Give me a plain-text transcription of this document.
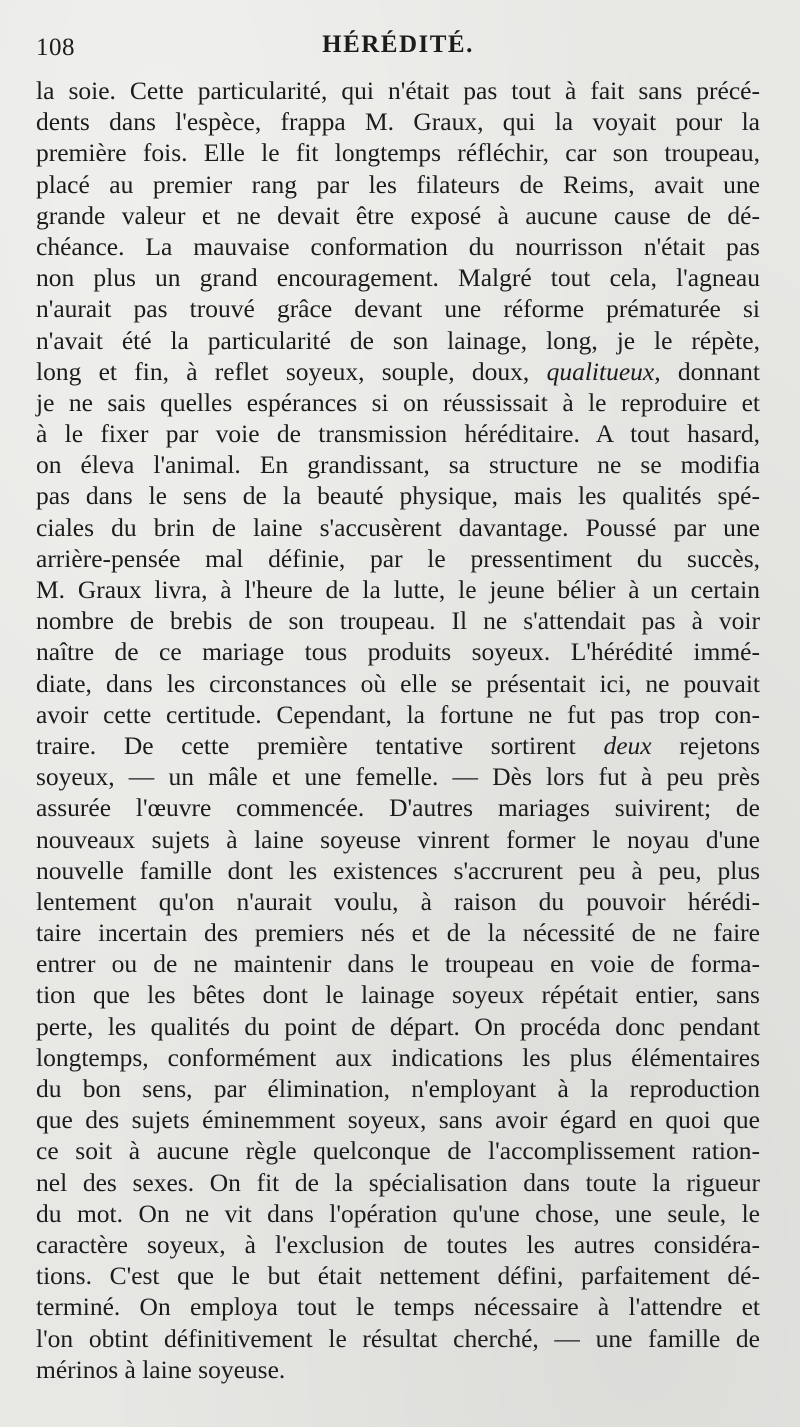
108	HÉRÉDITÉ.
la soie. Cette particularité, qui n'était pas tout à fait sans précé-
dents dans l'espèce, frappa M. Graux, qui la voyait pour la
première fois. Elle le fit longtemps réfléchir, car son troupeau,
placé au premier rang par les filateurs de Reims, avait une
grande valeur et ne devait être exposé à aucune cause de dé-
chéance. La mauvaise conformation du nourrisson n'était pas
non plus un grand encouragement. Malgré tout cela, l'agneau
n'aurait pas trouvé grâce devant une réforme prématurée si
n'avait été la particularité de son lainage, long, je le répète,
long et fin, à reflet soyeux, souple, doux, qualitueux, donnant
je ne sais quelles espérances si on réussissait à le reproduire et
à le fixer par voie de transmission héréditaire. A tout hasard,
on éleva l'animal. En grandissant, sa structure ne se modifia
pas dans le sens de la beauté physique, mais les qualités spé-
ciales du brin de laine s'accusèrent davantage. Poussé par une
arrière-pensée mal définie, par le pressentiment du succès,
M. Graux livra, à l'heure de la lutte, le jeune bélier à un certain
nombre de brebis de son troupeau. Il ne s'attendait pas à voir
naître de ce mariage tous produits soyeux. L'hérédité immé-
diate, dans les circonstances où elle se présentait ici, ne pouvait
avoir cette certitude. Cependant, la fortune ne fut pas trop con-
traire. De cette première tentative sortirent deux rejetons
soyeux, — un mâle et une femelle. — Dès lors fut à peu près
assurée l'œuvre commencée. D'autres mariages suivirent; de
nouveaux sujets à laine soyeuse vinrent former le noyau d'une
nouvelle famille dont les existences s'accrurent peu à peu, plus
lentement qu'on n'aurait voulu, à raison du pouvoir hérédi-
taire incertain des premiers nés et de la nécessité de ne faire
entrer ou de ne maintenir dans le troupeau en voie de forma-
tion que les bêtes dont le lainage soyeux répétait entier, sans
perte, les qualités du point de départ. On procéda donc pendant
longtemps, conformément aux indications les plus élémentaires
du bon sens, par élimination, n'employant à la reproduction
que des sujets éminemment soyeux, sans avoir égard en quoi que
ce soit à aucune règle quelconque de l'accomplissement ration-
nel des sexes. On fit de la spécialisation dans toute la rigueur
du mot. On ne vit dans l'opération qu'une chose, une seule, le
caractère soyeux, à l'exclusion de toutes les autres considéra-
tions. C'est que le but était nettement défini, parfaitement dé-
terminé. On employa tout le temps nécessaire à l'attendre et
l'on obtint définitivement le résultat cherché, — une famille de
mérinos à laine soyeuse.
